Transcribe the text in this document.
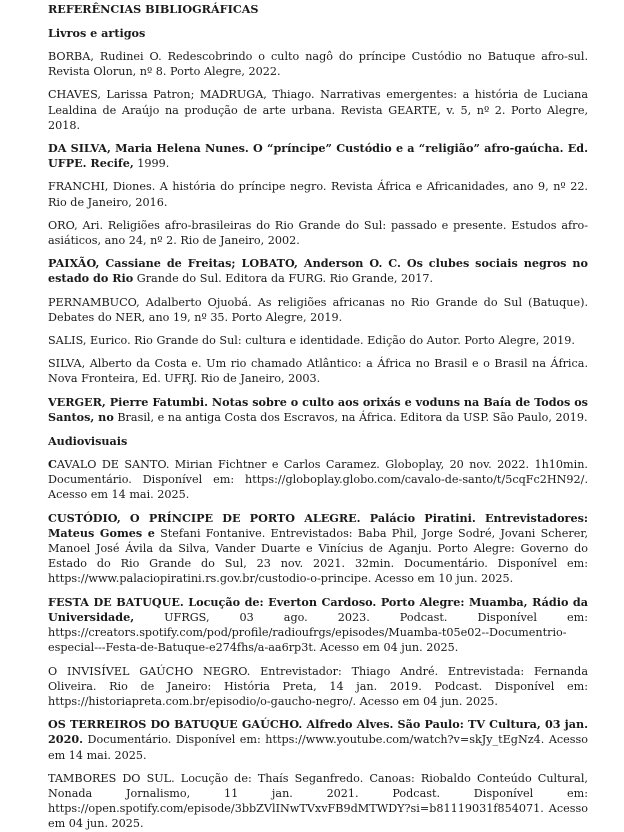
REFERÊNCIAS BIBLIOGRÁFICAS
Livros e artigos
BORBA, Rudinei O. Redescobrindo o culto nagô do príncipe Custódio no Batuque afro-sul. Revista Olorun, nº 8. Porto Alegre, 2022.
CHAVES, Larissa Patron; MADRUGA, Thiago. Narrativas emergentes: a história de Luciana Lealdina de Araújo na produção de arte urbana. Revista GEARTE, v. 5, nº 2. Porto Alegre, 2018.
DA SILVA, Maria Helena Nunes. O “príncipe” Custódio e a “religião” afro-gaúcha. Ed. UFPE. Recife, 1999.
FRANCHI, Diones. A história do príncipe negro. Revista África e Africanidades, ano 9, nº 22. Rio de Janeiro, 2016.
ORO, Ari. Religiões afro-brasileiras do Rio Grande do Sul: passado e presente. Estudos afro-asiáticos, ano 24, nº 2. Rio de Janeiro, 2002.
PAIXÃO, Cassiane de Freitas; LOBATO, Anderson O. C. Os clubes sociais negros no estado do Rio Grande do Sul. Editora da FURG. Rio Grande, 2017.
PERNAMBUCO, Adalberto Ojuobá. As religiões africanas no Rio Grande do Sul (Batuque). Debates do NER, ano 19, nº 35. Porto Alegre, 2019.
SALIS, Eurico. Rio Grande do Sul: cultura e identidade. Edição do Autor. Porto Alegre, 2019.
SILVA, Alberto da Costa e. Um rio chamado Atlântico: a África no Brasil e o Brasil na África. Nova Fronteira, Ed. UFRJ. Rio de Janeiro, 2003.
VERGER, Pierre Fatumbi. Notas sobre o culto aos orixás e voduns na Baía de Todos os Santos, no Brasil, e na antiga Costa dos Escravos, na África. Editora da USP. São Paulo, 2019.
Audiovisuais
CAVALO DE SANTO. Mirian Fichtner e Carlos Caramez. Globoplay, 20 nov. 2022. 1h10min. Documentário. Disponível em: https://globoplay.globo.com/cavalo-de-santo/t/5cqFc2HN92/. Acesso em 14 mai. 2025.
CUSTÓDIO, O PRÍNCIPE DE PORTO ALEGRE. Palácio Piratini. Entrevistadores: Mateus Gomes e Stefani Fontanive. Entrevistados: Baba Phil, Jorge Sodré, Jovani Scherer, Manoel José Ávila da Silva, Vander Duarte e Vinícius de Aganju. Porto Alegre: Governo do Estado do Rio Grande do Sul, 23 nov. 2021. 32min. Documentário. Disponível em: https://www.palaciopiratini.rs.gov.br/custodio-o-principe. Acesso em 10 jun. 2025.
FESTA DE BATUQUE. Locução de: Everton Cardoso. Porto Alegre: Muamba, Rádio da Universidade, UFRGS, 03 ago. 2023. Podcast. Disponível em: https://creators.spotify.com/pod/profile/radioufrgs/episodes/Muamba-t05e02--Documentrio-especial---Festa-de-Batuque-e274fhs/a-aa6rp3t. Acesso em 04 jun. 2025.
O INVISÍVEL GAÚCHO NEGRO. Entrevistador: Thiago André. Entrevistada: Fernanda Oliveira. Rio de Janeiro: História Preta, 14 jan. 2019. Podcast. Disponível em: https://historiapreta.com.br/episodio/o-gaucho-negro/. Acesso em 04 jun. 2025.
OS TERREIROS DO BATUQUE GAÚCHO. Alfredo Alves. São Paulo: TV Cultura, 03 jan. 2020. Documentário. Disponível em: https://www.youtube.com/watch?v=skJy_tEgNz4. Acesso em 14 mai. 2025.
TAMBORES DO SUL. Locução de: Thaís Seganfredo. Canoas: Riobaldo Conteúdo Cultural, Nonada Jornalismo, 11 jan. 2021. Podcast. Disponível em: https://open.spotify.com/episode/3bbZVlINwTVxvFB9dMTWDY?si=b81119031f854071. Acesso em 04 jun. 2025.
